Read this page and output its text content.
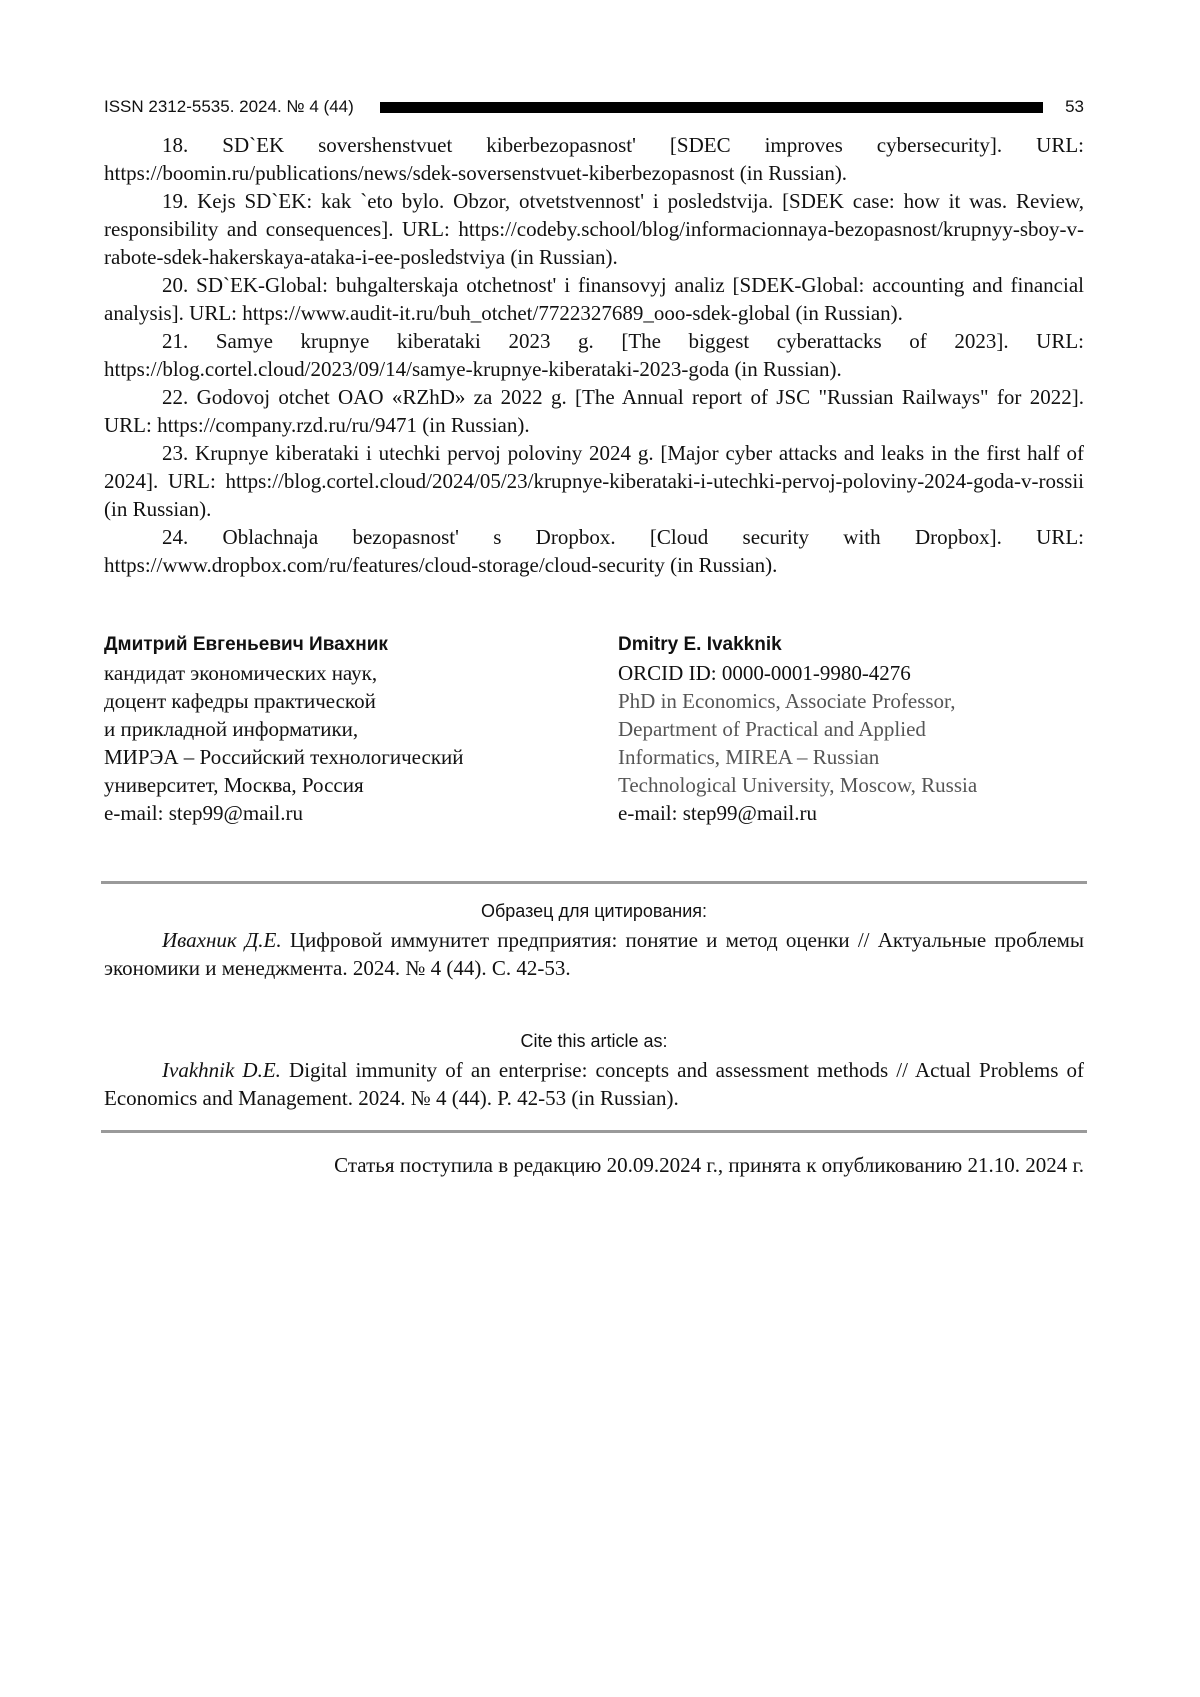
ISSN 2312-5535. 2024. № 4 (44)	53

18. SD`EK sovershenstvuet kiberbezopasnost' [SDEC improves cybersecurity]. URL: https://boomin.ru/publications/news/sdek-soversenstvuet-kiberbezopasnost (in Russian).

19. Kejs SD`EK: kak `eto bylo. Obzor, otvetstvennost' i posledstvija. [SDEK case: how it was. Review, responsibility and consequences]. URL: https://codeby.school/blog/informacionnaya-bezopasnost/krupnyy-sboy-v-rabote-sdek-hakerskaya-ataka-i-ee-posledstviya (in Russian).

20. SD`EK-Global: buhgalterskaja otchetnost' i finansovyj analiz [SDEK-Global: accounting and financial analysis]. URL: https://www.audit-it.ru/buh_otchet/7722327689_ooo-sdek-global (in Russian).

21. Samye krupnye kiberataki 2023 g. [The biggest cyberattacks of 2023]. URL: https://blog.cortel.cloud/2023/09/14/samye-krupnye-kiberataki-2023-goda (in Russian).

22. Godovoj otchet OAO «RZhD» za 2022 g. [The Annual report of JSC "Russian Railways" for 2022]. URL: https://company.rzd.ru/ru/9471 (in Russian).

23. Krupnye kiberataki i utechki pervoj poloviny 2024 g. [Major cyber attacks and leaks in the first half of 2024]. URL: https://blog.cortel.cloud/2024/05/23/krupnye-kiberataki-i-utechki-pervoj-poloviny-2024-goda-v-rossii (in Russian).

24. Oblachnaja bezopasnost' s Dropbox. [Cloud security with Dropbox]. URL: https://www.dropbox.com/ru/features/cloud-storage/cloud-security (in Russian).

Дмитрий Евгеньевич Ивахник
кандидат экономических наук,
доцент кафедры практической
и прикладной информатики,
МИРЭА – Российский технологический
университет, Москва, Россия
e-mail: step99@mail.ru
Dmitry E. Ivakknik
ORCID ID: 0000-0001-9980-4276
PhD in Economics, Associate Professor,
Department of Practical and Applied
Informatics, MIREA – Russian
Technological University, Moscow, Russia
e-mail: step99@mail.ru
Образец для цитирования:

Ивахник Д.Е. Цифровой иммунитет предприятия: понятие и метод оценки // Актуальные проблемы экономики и менеджмента. 2024. № 4 (44). С. 42-53.

Cite this article as:

Ivakhnik D.E. Digital immunity of an enterprise: concepts and assessment methods // Actual Problems of Economics and Management. 2024. № 4 (44). P. 42-53 (in Russian).

Статья поступила в редакцию 20.09.2024 г., принята к опубликованию 21.10. 2024 г.
